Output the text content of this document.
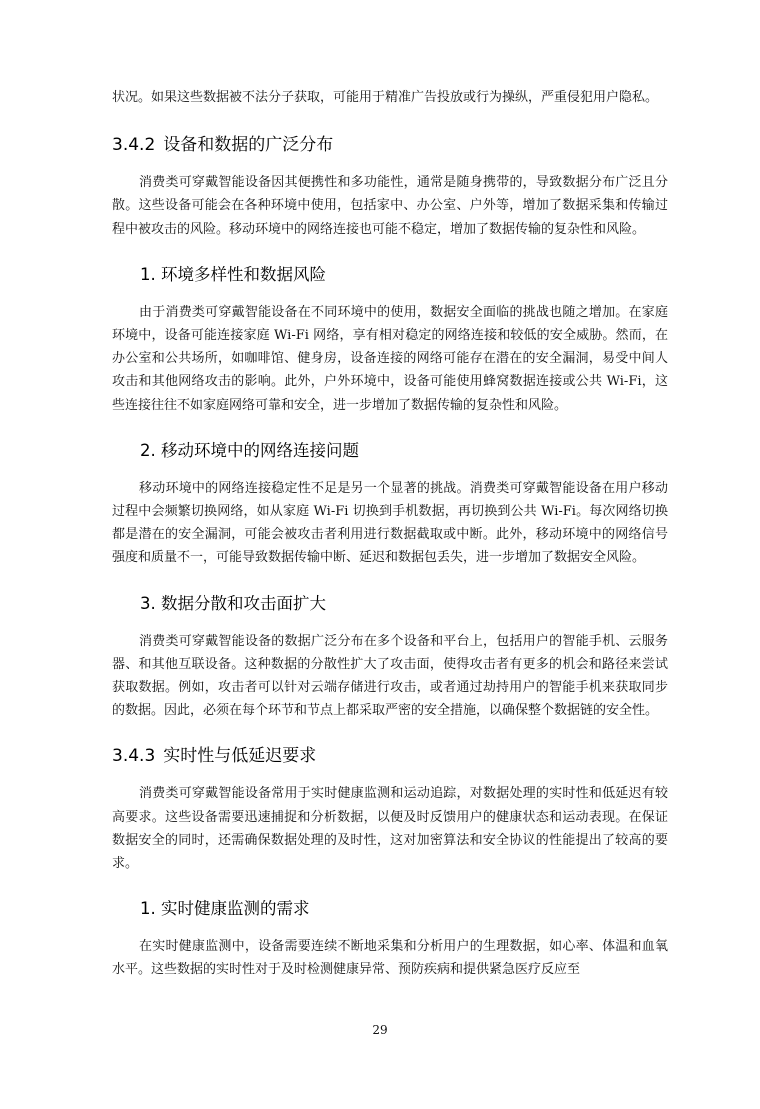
状况。如果这些数据被不法分子获取，可能用于精准广告投放或行为操纵，严重侵犯用户隐私。

3.4.2 设备和数据的广泛分布

消费类可穿戴智能设备因其便携性和多功能性，通常是随身携带的，导致数据分布广泛且分散。这些设备可能会在各种环境中使用，包括家中、办公室、户外等，增加了数据采集和传输过程中被攻击的风险。移动环境中的网络连接也可能不稳定，增加了数据传输的复杂性和风险。

1. 环境多样性和数据风险

由于消费类可穿戴智能设备在不同环境中的使用，数据安全面临的挑战也随之增加。在家庭环境中，设备可能连接家庭 Wi-Fi 网络，享有相对稳定的网络连接和较低的安全威胁。然而，在办公室和公共场所，如咖啡馆、健身房，设备连接的网络可能存在潜在的安全漏洞，易受中间人攻击和其他网络攻击的影响。此外，户外环境中，设备可能使用蜂窝数据连接或公共 Wi-Fi，这些连接往往不如家庭网络可靠和安全，进一步增加了数据传输的复杂性和风险。

2. 移动环境中的网络连接问题

移动环境中的网络连接稳定性不足是另一个显著的挑战。消费类可穿戴智能设备在用户移动过程中会频繁切换网络，如从家庭 Wi-Fi 切换到手机数据，再切换到公共 Wi-Fi。每次网络切换都是潜在的安全漏洞，可能会被攻击者利用进行数据截取或中断。此外，移动环境中的网络信号强度和质量不一，可能导致数据传输中断、延迟和数据包丢失，进一步增加了数据安全风险。

3. 数据分散和攻击面扩大

消费类可穿戴智能设备的数据广泛分布在多个设备和平台上，包括用户的智能手机、云服务器、和其他互联设备。这种数据的分散性扩大了攻击面，使得攻击者有更多的机会和路径来尝试获取数据。例如，攻击者可以针对云端存储进行攻击，或者通过劫持用户的智能手机来获取同步的数据。因此，必须在每个环节和节点上都采取严密的安全措施，以确保整个数据链的安全性。

3.4.3 实时性与低延迟要求

消费类可穿戴智能设备常用于实时健康监测和运动追踪，对数据处理的实时性和低延迟有较高要求。这些设备需要迅速捕捉和分析数据，以便及时反馈用户的健康状态和运动表现。在保证数据安全的同时，还需确保数据处理的及时性，这对加密算法和安全协议的性能提出了较高的要求。

1. 实时健康监测的需求

在实时健康监测中，设备需要连续不断地采集和分析用户的生理数据，如心率、体温和血氧水平。这些数据的实时性对于及时检测健康异常、预防疾病和提供紧急医疗反应至

29
